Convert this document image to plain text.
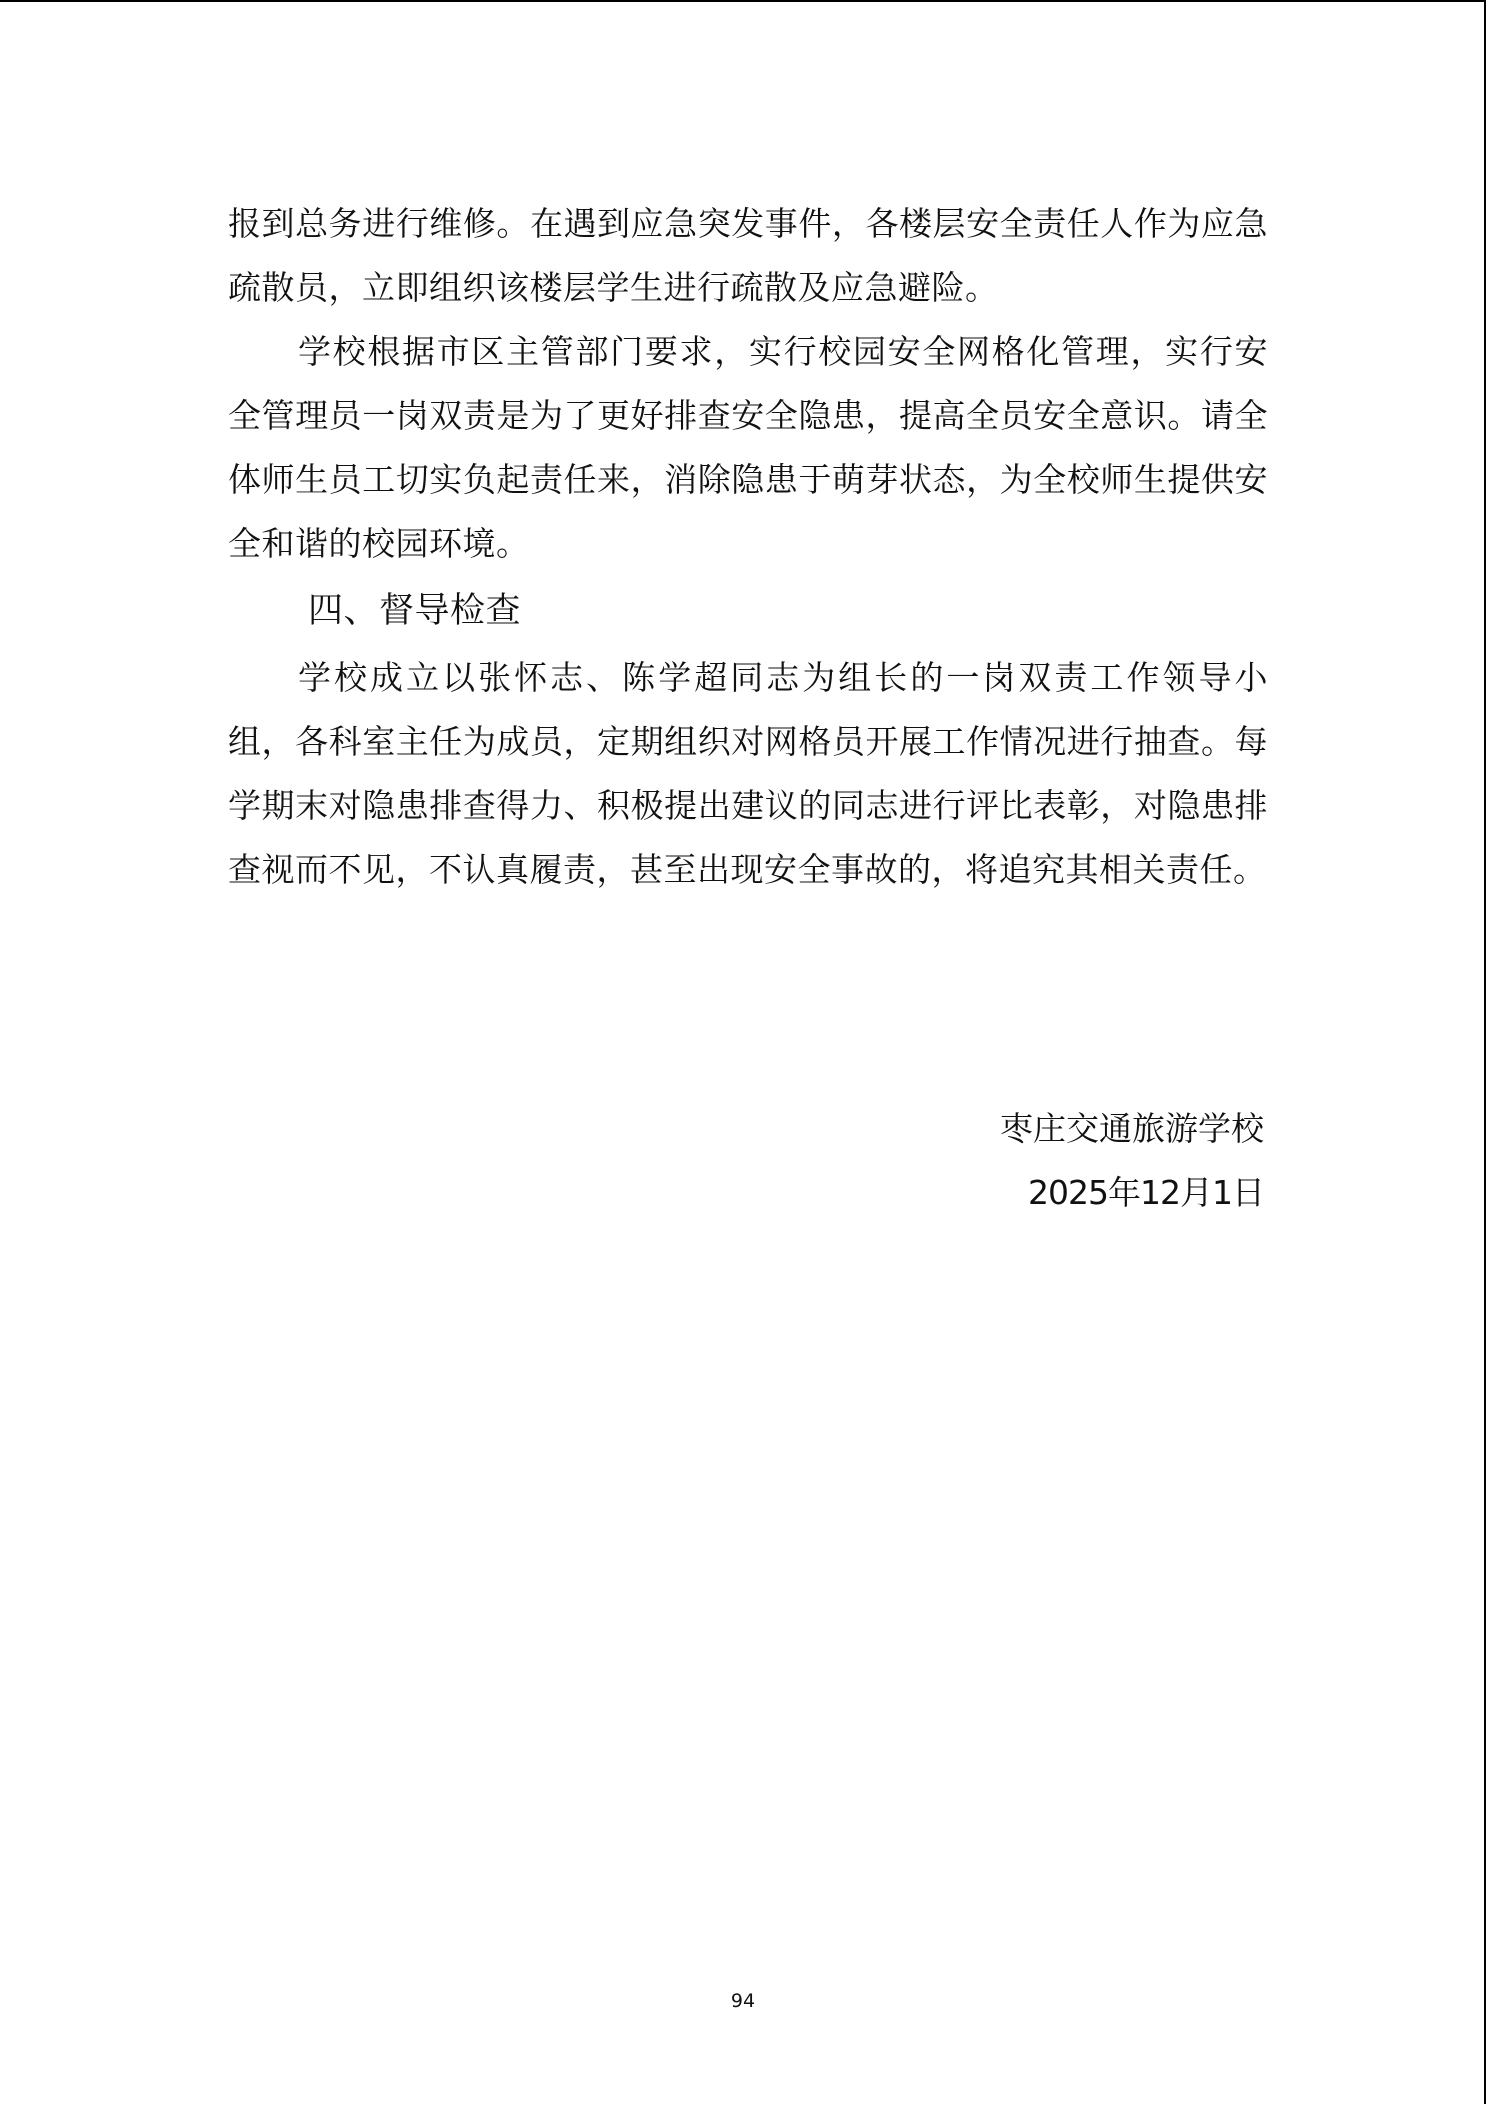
报到总务进行维修。在遇到应急突发事件，各楼层安全责任人作为应急疏散员，立即组织该楼层学生进行疏散及应急避险。

学校根据市区主管部门要求，实行校园安全网格化管理，实行安全管理员一岗双责是为了更好排查安全隐患，提高全员安全意识。请全体师生员工切实负起责任来，消除隐患于萌芽状态，为全校师生提供安全和谐的校园环境。

四、督导检查

学校成立以张怀志、陈学超同志为组长的一岗双责工作领导小组，各科室主任为成员，定期组织对网格员开展工作情况进行抽查。每学期末对隐患排查得力、积极提出建议的同志进行评比表彰，对隐患排查视而不见，不认真履责，甚至出现安全事故的，将追究其相关责任。

枣庄交通旅游学校
2025年12月1日
94
